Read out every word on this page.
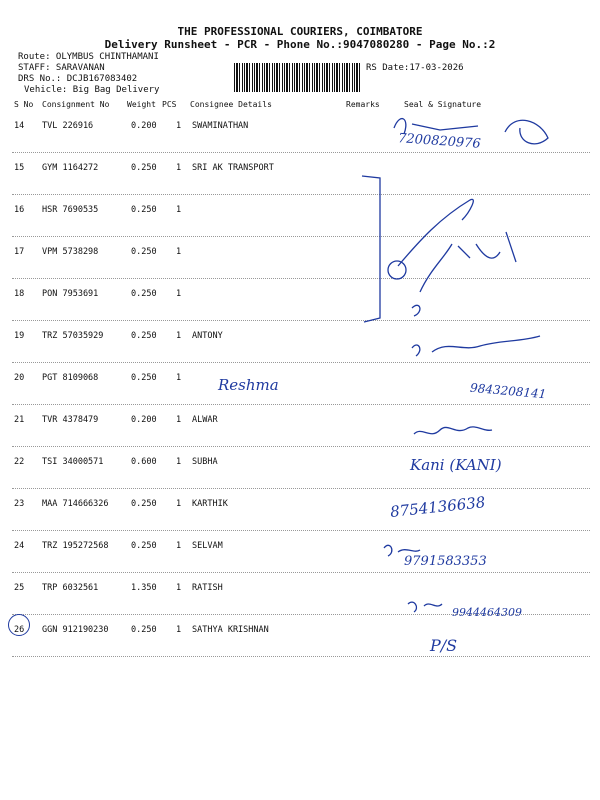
THE PROFESSIONAL COURIERS, COIMBATORE
Delivery Runsheet - PCR - Phone No.:9047080280 - Page No.:2
Route: OLYMBUS CHINTHAMANI
STAFF: SARAVANAN
DRS No.: DCJB167083402
Vehicle: Big Bag Delivery
RS Date:17-03-2026
S No Consignment No Weight PCS Consignee Details	Remarks	Seal & Signature
14 TVL 226916	0.200 1 SWAMINATHAN
15 GYM 1164272	0.250 1 SRI AK TRANSPORT
16 HSR 7690535	0.250 1
17 VPM 5738298	0.250 1
18 PON 7953691	0.250 1
19 TRZ 57035929	0.250 1 ANTONY
20 PGT 8109068	0.250 1
21 TVR 4378479	0.200 1 ALWAR
22 TSI 34000571	0.600 1 SUBHA
23 MAA 714666326	0.250 1 KARTHIK
24 TRZ 195272568	0.250 1 SELVAM
25 TRP 6032561	1.350 1 RATISH
26 GGN 912190230	0.250 1 SATHYA KRISHNAN
7200820976
Reshma	9843208141
Kani (KANI)
8754136638
9791583353
9944464309
P/S
